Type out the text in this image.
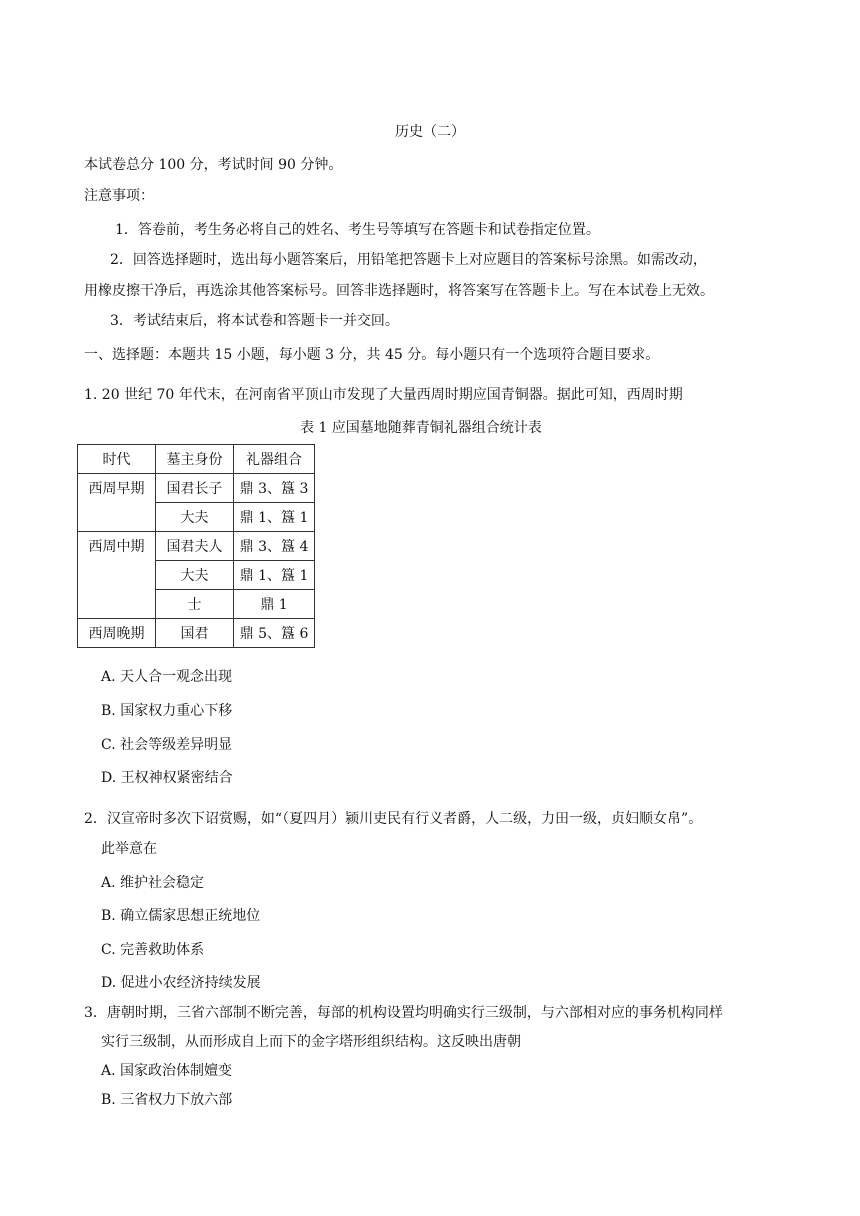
历史（二）
本试卷总分 100 分，考试时间 90 分钟。
注意事项：
1．答卷前，考生务必将自己的姓名、考生号等填写在答题卡和试卷指定位置。
2．回答选择题时，选出每小题答案后，用铅笔把答题卡上对应题目的答案标号涂黑。如需改动，
用橡皮擦干净后，再选涂其他答案标号。回答非选择题时，将答案写在答题卡上。写在本试卷上无效。
3．考试结束后，将本试卷和答题卡一并交回。
一、选择题：本题共 15 小题，每小题 3 分，共 45 分。每小题只有一个选项符合题目要求。
1. 20 世纪 70 年代末，在河南省平顶山市发现了大量西周时期应国青铜器。据此可知，西周时期
表 1 应国墓地随葬青铜礼器组合统计表
时代	墓主身份	礼器组合
西周早期	国君长子	鼎 3、簋 3
	大夫	鼎 1、簋 1
西周中期	国君夫人	鼎 3、簋 4
	大夫	鼎 1、簋 1
	士	鼎 1
西周晚期	国君	鼎 5、簋 6
A. 天人合一观念出现
B. 国家权力重心下移
C. 社会等级差异明显
D. 王权神权紧密结合
2．汉宣帝时多次下诏赏赐，如“（夏四月）颍川吏民有行义者爵，人二级，力田一级，贞妇顺女帛”。
此举意在
A. 维护社会稳定
B. 确立儒家思想正统地位
C. 完善救助体系
D. 促进小农经济持续发展
3．唐朝时期，三省六部制不断完善，每部的机构设置均明确实行三级制，与六部相对应的事务机构同样
实行三级制，从而形成自上而下的金字塔形组织结构。这反映出唐朝
A. 国家政治体制嬗变
B. 三省权力下放六部
